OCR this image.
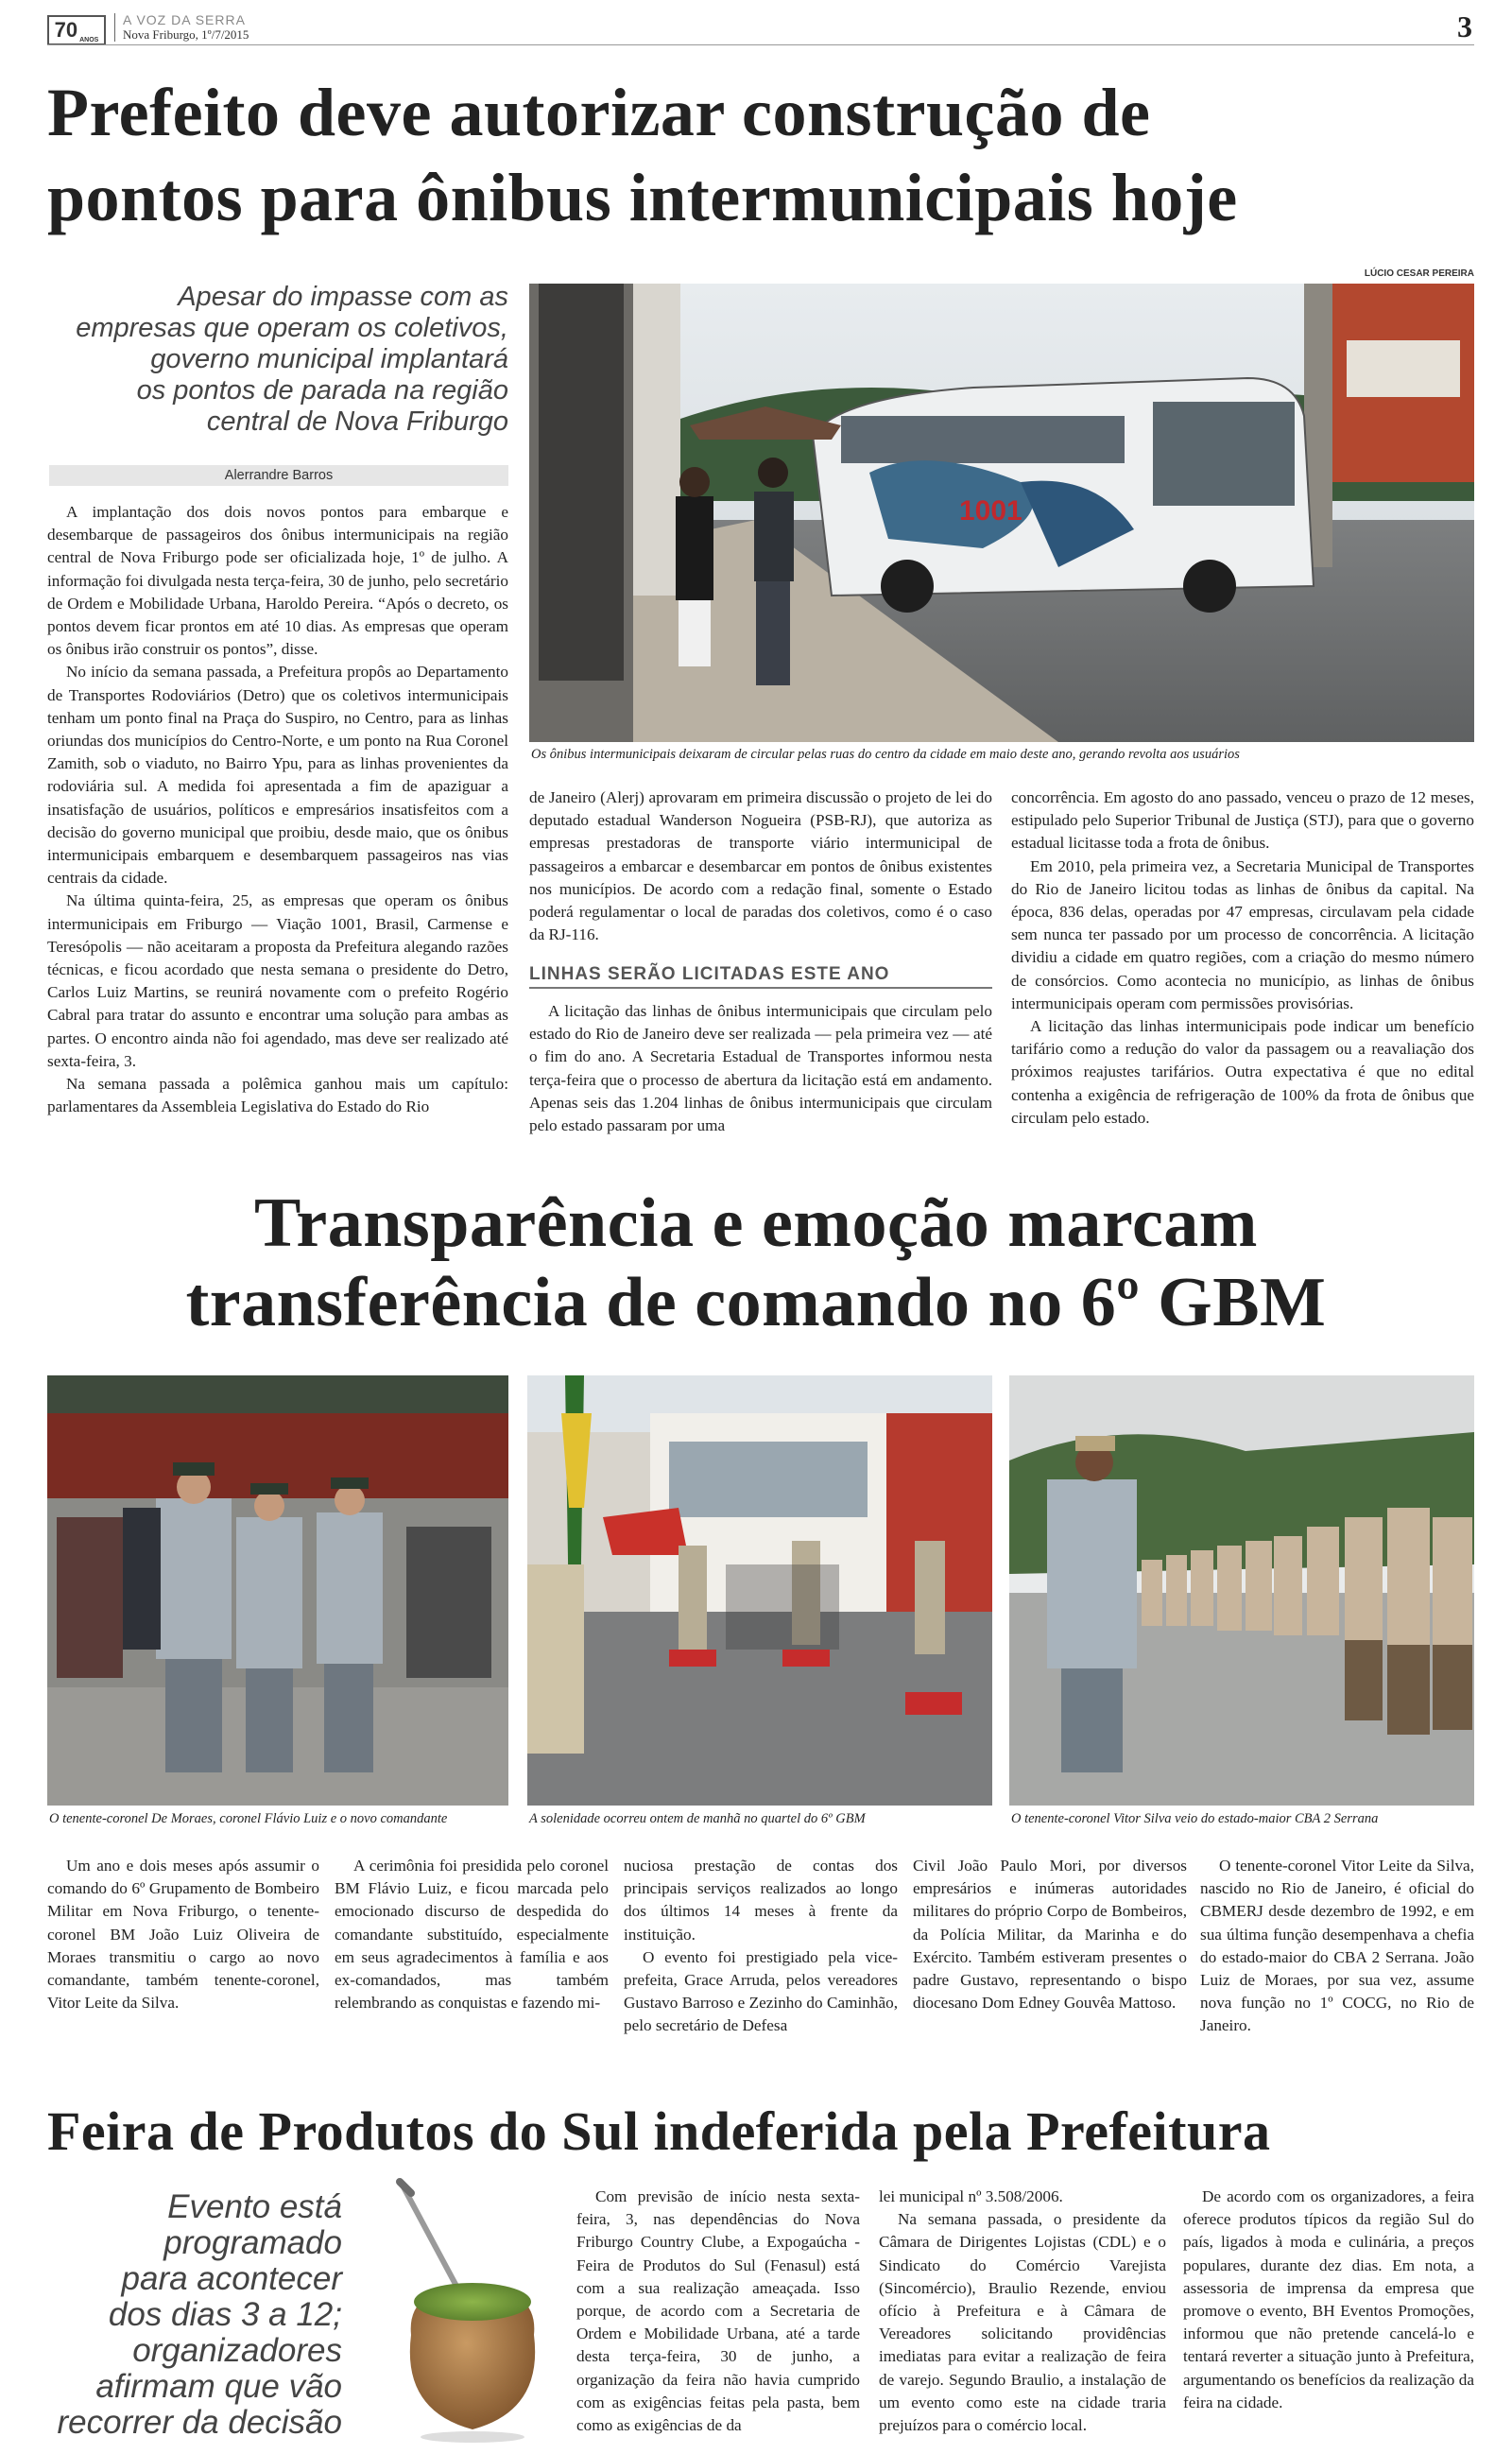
70 ANOS
A VOZ DA SERRA
Nova Friburgo, 1º/7/2015	3
Prefeito deve autorizar construção de
pontos para ônibus intermunicipais hoje
Apesar do impasse com as
empresas que operam os coletivos,
governo municipal implantará
os pontos de parada na região
central de Nova Friburgo
Alerrandre Barros

A implantação dos dois novos pontos para embarque e desembarque de passageiros dos ônibus intermunicipais na região central de Nova Friburgo pode ser oficializada hoje, 1º de julho. A informação foi divulgada nesta terça-feira, 30 de junho, pelo secretário de Ordem e Mobilidade Urbana, Haroldo Pereira. “Após o decreto, os pontos devem ficar prontos em até 10 dias. As empresas que operam os ônibus irão construir os pontos”, disse.

No início da semana passada, a Prefeitura propôs ao Departamento de Transportes Rodoviários (Detro) que os coletivos intermunicipais tenham um ponto final na Praça do Suspiro, no Centro, para as linhas oriundas dos municípios do Centro-Norte, e um ponto na Rua Coronel Zamith, sob o viaduto, no Bairro Ypu, para as linhas provenientes da rodoviária sul. A medida foi apresentada a fim de apaziguar a insatisfação de usuários, políticos e empresários insatisfeitos com a decisão do governo municipal que proibiu, desde maio, que os ônibus intermunicipais embarquem e desembarquem passageiros nas vias centrais da cidade.

Na última quinta-feira, 25, as empresas que operam os ônibus intermunicipais em Friburgo — Viação 1001, Brasil, Carmense e Teresópolis — não aceitaram a proposta da Prefeitura alegando razões técnicas, e ficou acordado que nesta semana o presidente do Detro, Carlos Luiz Martins, se reunirá novamente com o prefeito Rogério Cabral para tratar do assunto e encontrar uma solução para ambas as partes. O encontro ainda não foi agendado, mas deve ser realizado até sexta-feira, 3.

Na semana passada a polêmica ganhou mais um capítulo: parlamentares da Assembleia Legislativa do Estado do Rio

LÚCIO CESAR PEREIRA
1001
Os ônibus intermunicipais deixaram de circular pelas ruas do centro da cidade em maio deste ano, gerando revolta aos usuários

de Janeiro (Alerj) aprovaram em primeira discussão o projeto de lei do deputado estadual Wanderson Nogueira (PSB-RJ), que autoriza as empresas prestadoras de transporte viário intermunicipal de passageiros a embarcar e desembarcar em pontos de ônibus existentes nos municípios. De acordo com a redação final, somente o Estado poderá regulamentar o local de paradas dos coletivos, como é o caso da RJ-116.

LINHAS SERÃO LICITADAS ESTE ANO

A licitação das linhas de ônibus intermunicipais que circulam pelo estado do Rio de Janeiro deve ser realizada — pela primeira vez — até o fim do ano. A Secretaria Estadual de Transportes informou nesta terça-feira que o processo de abertura da licitação está em andamento. Apenas seis das 1.204 linhas de ônibus intermunicipais que circulam pelo estado passaram por uma

concorrência. Em agosto do ano passado, venceu o prazo de 12 meses, estipulado pelo Superior Tribunal de Justiça (STJ), para que o governo estadual licitasse toda a frota de ônibus.

Em 2010, pela primeira vez, a Secretaria Municipal de Transportes do Rio de Janeiro licitou todas as linhas de ônibus da capital. Na época, 836 delas, operadas por 47 empresas, circulavam pela cidade sem nunca ter passado por um processo de concorrência. A licitação dividiu a cidade em quatro regiões, com a criação do mesmo número de consórcios. Como acontecia no município, as linhas de ônibus intermunicipais operam com permissões provisórias.

A licitação das linhas intermunicipais pode indicar um benefício tarifário como a redução do valor da passagem ou a reavaliação dos próximos reajustes tarifários. Outra expectativa é que no edital contenha a exigência de refrigeração de 100% da frota de ônibus que circulam pelo estado.

Transparência e emoção marcam
transferência de comando no 6º GBM
O tenente-coronel De Moraes, coronel Flávio Luiz e o novo comandante	A solenidade ocorreu ontem de manhã no quartel do 6º GBM	O tenente-coronel Vitor Silva veio do estado-maior CBA 2 Serrana

Um ano e dois meses após assumir o comando do 6º Grupamento de Bombeiro Militar em Nova Friburgo, o tenente-coronel BM João Luiz Oliveira de Moraes transmitiu o cargo ao novo comandante, também tenente-coronel, Vitor Leite da Silva.

A cerimônia foi presidida pelo coronel BM Flávio Luiz, e ficou marcada pelo emocionado discurso de despedida do comandante substituído, especialmente em seus agradecimentos à família e aos ex-comandados, mas também relembrando as conquistas e fazendo mi-

nuciosa prestação de contas dos principais serviços realizados ao longo dos últimos 14 meses à frente da instituição.

O evento foi prestigiado pela vice-prefeita, Grace Arruda, pelos vereadores Gustavo Barroso e Zezinho do Caminhão, pelo secretário de Defesa

Civil João Paulo Mori, por diversos empresários e inúmeras autoridades militares do próprio Corpo de Bombeiros, da Polícia Militar, da Marinha e do Exército. Também estiveram presentes o padre Gustavo, representando o bispo diocesano Dom Edney Gouvêa Mattoso.

O tenente-coronel Vitor Leite da Silva, nascido no Rio de Janeiro, é oficial do CBMERJ desde dezembro de 1992, e em sua última função desempenhava a chefia do estado-maior do CBA 2 Serrana. João Luiz de Moraes, por sua vez, assume nova função no 1º COCG, no Rio de Janeiro.

Feira de Produtos do Sul indeferida pela Prefeitura
Evento está
programado
para acontecer
dos dias 3 a 12;
organizadores
afirmam que vão
recorrer da decisão

Com previsão de início nesta sexta-feira, 3, nas dependências do Nova Friburgo Country Clube, a Expogaúcha - Feira de Produtos do Sul (Fenasul) está com a sua realização ameaçada. Isso porque, de acordo com a Secretaria de Ordem e Mobilidade Urbana, até a tarde desta terça-feira, 30 de junho, a organização da feira não havia cumprido com as exigências feitas pela pasta, bem como as exigências de da

lei municipal nº 3.508/2006.

Na semana passada, o presidente da Câmara de Dirigentes Lojistas (CDL) e o Sindicato do Comércio Varejista (Sincomércio), Braulio Rezende, enviou ofício à Prefeitura e à Câmara de Vereadores solicitando providências imediatas para evitar a realização de feira de varejo. Segundo Braulio, a instalação de um evento como este na cidade traria prejuízos para o comércio local.

De acordo com os organizadores, a feira oferece produtos típicos da região Sul do país, ligados à moda e culinária, a preços populares, durante dez dias. Em nota, a assessoria de imprensa da empresa que promove o evento, BH Eventos Promoções, informou que não pretende cancelá-lo e tentará reverter a situação junto à Prefeitura, argumentando os benefícios da realização da feira na cidade.
